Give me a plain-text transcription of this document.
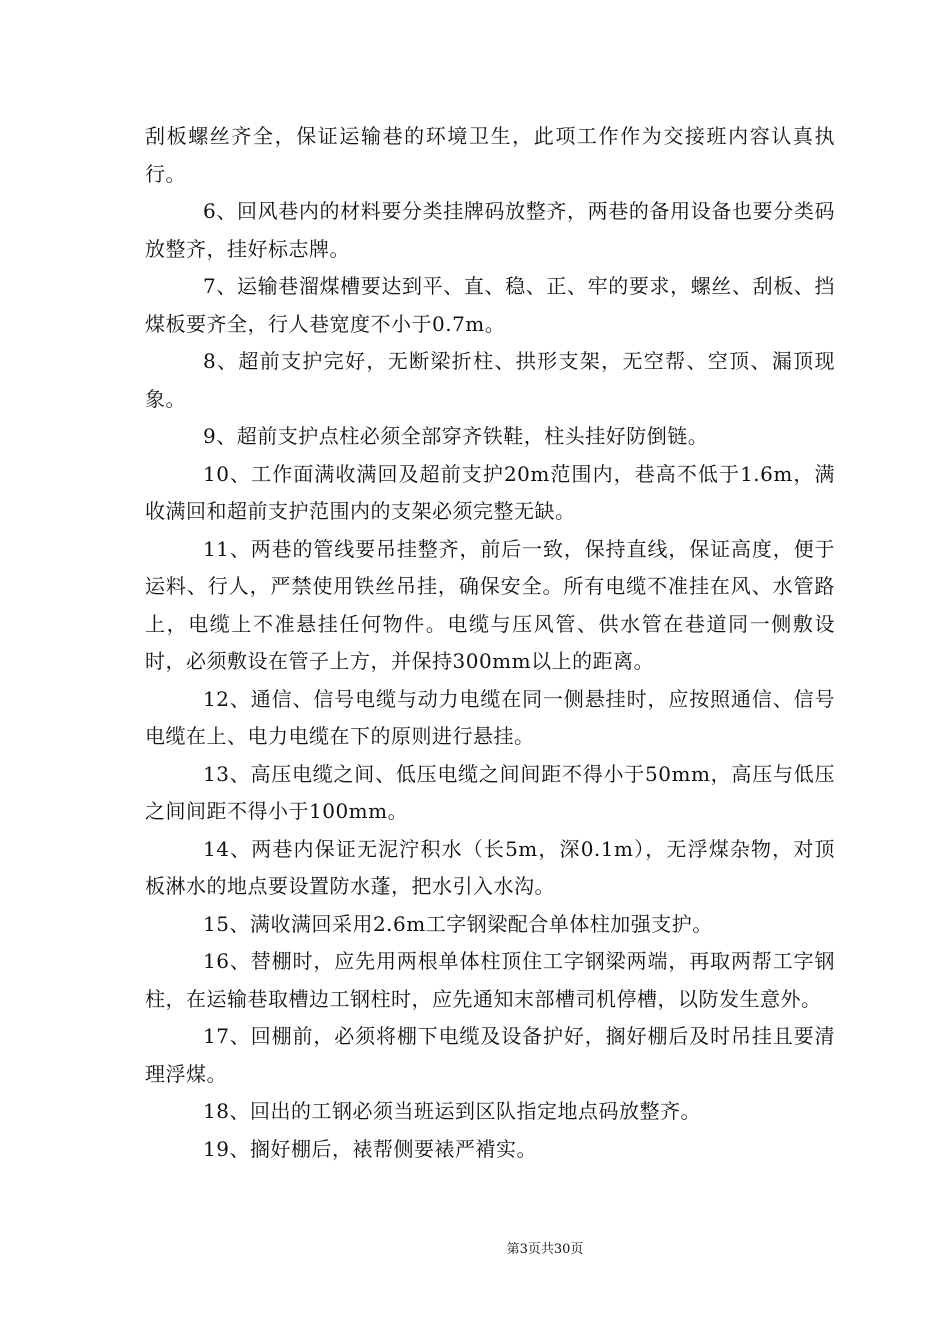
刮板螺丝齐全，保证运输巷的环境卫生，此项工作作为交接班内容认真执行。

6、回风巷内的材料要分类挂牌码放整齐，两巷的备用设备也要分类码放整齐，挂好标志牌。

7、运输巷溜煤槽要达到平、直、稳、正、牢的要求，螺丝、刮板、挡煤板要齐全，行人巷宽度不小于0.7m。

8、超前支护完好，无断梁折柱、拱形支架，无空帮、空顶、漏顶现象。

9、超前支护点柱必须全部穿齐铁鞋，柱头挂好防倒链。

10、工作面满收满回及超前支护20m范围内，巷高不低于1.6m，满收满回和超前支护范围内的支架必须完整无缺。

11、两巷的管线要吊挂整齐，前后一致，保持直线，保证高度，便于运料、行人，严禁使用铁丝吊挂，确保安全。所有电缆不准挂在风、水管路上，电缆上不准悬挂任何物件。电缆与压风管、供水管在巷道同一侧敷设时，必须敷设在管子上方，并保持300mm以上的距离。

12、通信、信号电缆与动力电缆在同一侧悬挂时，应按照通信、信号电缆在上、电力电缆在下的原则进行悬挂。

13、高压电缆之间、低压电缆之间间距不得小于50mm，高压与低压之间间距不得小于100mm。

14、两巷内保证无泥泞积水（长5m，深0.1m），无浮煤杂物，对顶板淋水的地点要设置防水蓬，把水引入水沟。

15、满收满回采用2.6m工字钢梁配合单体柱加强支护。

16、替棚时，应先用两根单体柱顶住工字钢梁两端，再取两帮工字钢柱，在运输巷取槽边工钢柱时，应先通知末部槽司机停槽，以防发生意外。

17、回棚前，必须将棚下电缆及设备护好，搁好棚后及时吊挂且要清理浮煤。

18、回出的工钢必须当班运到区队指定地点码放整齐。

19、搁好棚后，裱帮侧要裱严褙实。

第3页共30页
